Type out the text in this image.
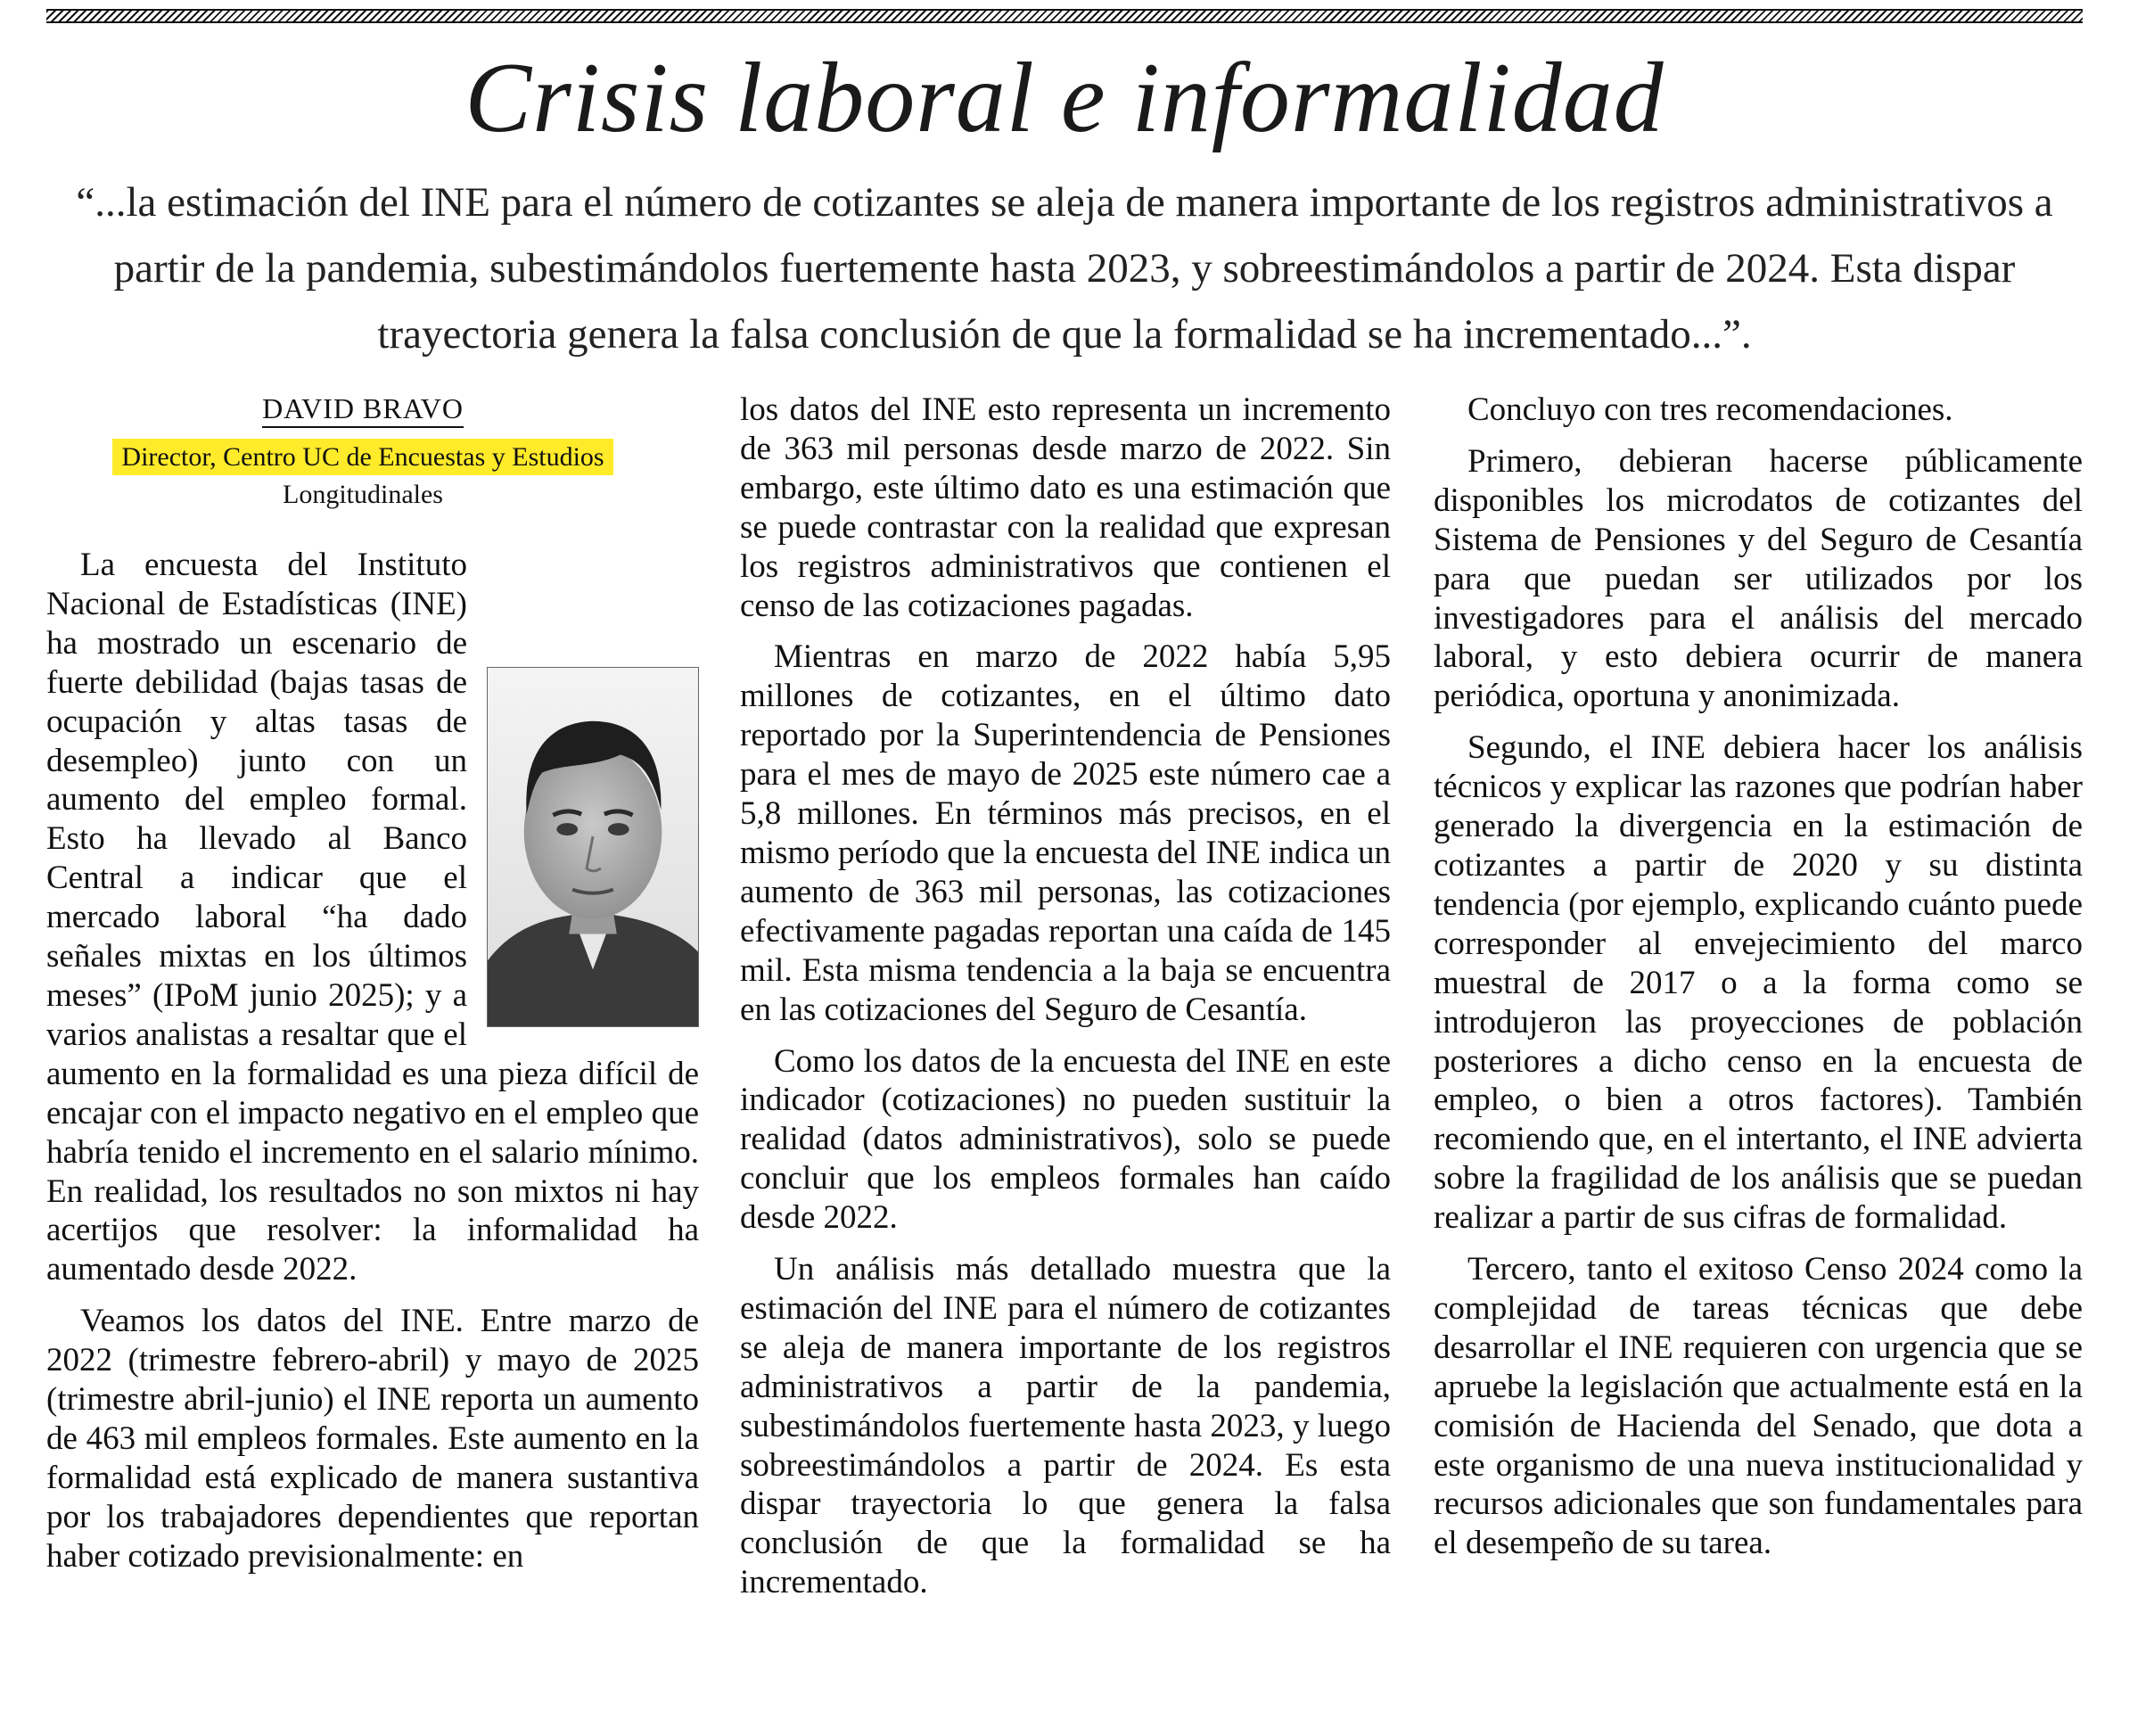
Crisis laboral e informalidad

“...la estimación del INE para el número de cotizantes se aleja de manera importante de los registros administrativos a partir de la pandemia, subestimándolos fuertemente hasta 2023, y sobreestimándolos a partir de 2024. Esta dispar trayectoria genera la falsa conclusión de que la formalidad se ha incrementado...”.

DAVID BRAVO
Director, Centro UC de Encuestas y Estudios
Longitudinales

La encuesta del Instituto Nacional de Estadísticas (INE) ha mostrado un escenario de fuerte debilidad (bajas tasas de ocupación y altas tasas de desempleo) junto con un aumento del empleo formal. Esto ha llevado al Banco Central a indicar que el mercado laboral “ha dado señales mixtas en los últimos meses” (IPoM junio 2025); y a varios analistas a resaltar que el aumento en la formalidad es una pieza difícil de encajar con el impacto negativo en el empleo que habría tenido el incremento en el salario mínimo. En realidad, los resultados no son mixtos ni hay acertijos que resolver: la informalidad ha aumentado desde 2022.

Veamos los datos del INE. Entre marzo de 2022 (trimestre febrero-abril) y mayo de 2025 (trimestre abril-junio) el INE reporta un aumento de 463 mil empleos formales. Este aumento en la formalidad está explicado de manera sustantiva por los trabajadores dependientes que reportan haber cotizado previsionalmente: en

los datos del INE esto representa un incremento de 363 mil personas desde marzo de 2022. Sin embargo, este último dato es una estimación que se puede contrastar con la realidad que expresan los registros administrativos que contienen el censo de las cotizaciones pagadas.

Mientras en marzo de 2022 había 5,95 millones de cotizantes, en el último dato reportado por la Superintendencia de Pensiones para el mes de mayo de 2025 este número cae a 5,8 millones. En términos más precisos, en el mismo período que la encuesta del INE indica un aumento de 363 mil personas, las cotizaciones efectivamente pagadas reportan una caída de 145 mil. Esta misma tendencia a la baja se encuentra en las cotizaciones del Seguro de Cesantía.

Como los datos de la encuesta del INE en este indicador (cotizaciones) no pueden sustituir la realidad (datos administrativos), solo se puede concluir que los empleos formales han caído desde 2022.

Un análisis más detallado muestra que la estimación del INE para el número de cotizantes se aleja de manera importante de los registros administrativos a partir de la pandemia, subestimándolos fuertemente hasta 2023, y luego sobreestimándolos a partir de 2024. Es esta dispar trayectoria lo que genera la falsa conclusión de que la formalidad se ha incrementado.

Concluyo con tres recomendaciones.

Primero, debieran hacerse públicamente disponibles los microdatos de cotizantes del Sistema de Pensiones y del Seguro de Cesantía para que puedan ser utilizados por los investigadores para el análisis del mercado laboral, y esto debiera ocurrir de manera periódica, oportuna y anonimizada.

Segundo, el INE debiera hacer los análisis técnicos y explicar las razones que podrían haber generado la divergencia en la estimación de cotizantes a partir de 2020 y su distinta tendencia (por ejemplo, explicando cuánto puede corresponder al envejecimiento del marco muestral de 2017 o a la forma como se introdujeron las proyecciones de población posteriores a dicho censo en la encuesta de empleo, o bien a otros factores). También recomiendo que, en el intertanto, el INE advierta sobre la fragilidad de los análisis que se puedan realizar a partir de sus cifras de formalidad.

Tercero, tanto el exitoso Censo 2024 como la complejidad de tareas técnicas que debe desarrollar el INE requieren con urgencia que se apruebe la legislación que actualmente está en la comisión de Hacienda del Senado, que dota a este organismo de una nueva institucionalidad y recursos adicionales que son fundamentales para el desempeño de su tarea.
